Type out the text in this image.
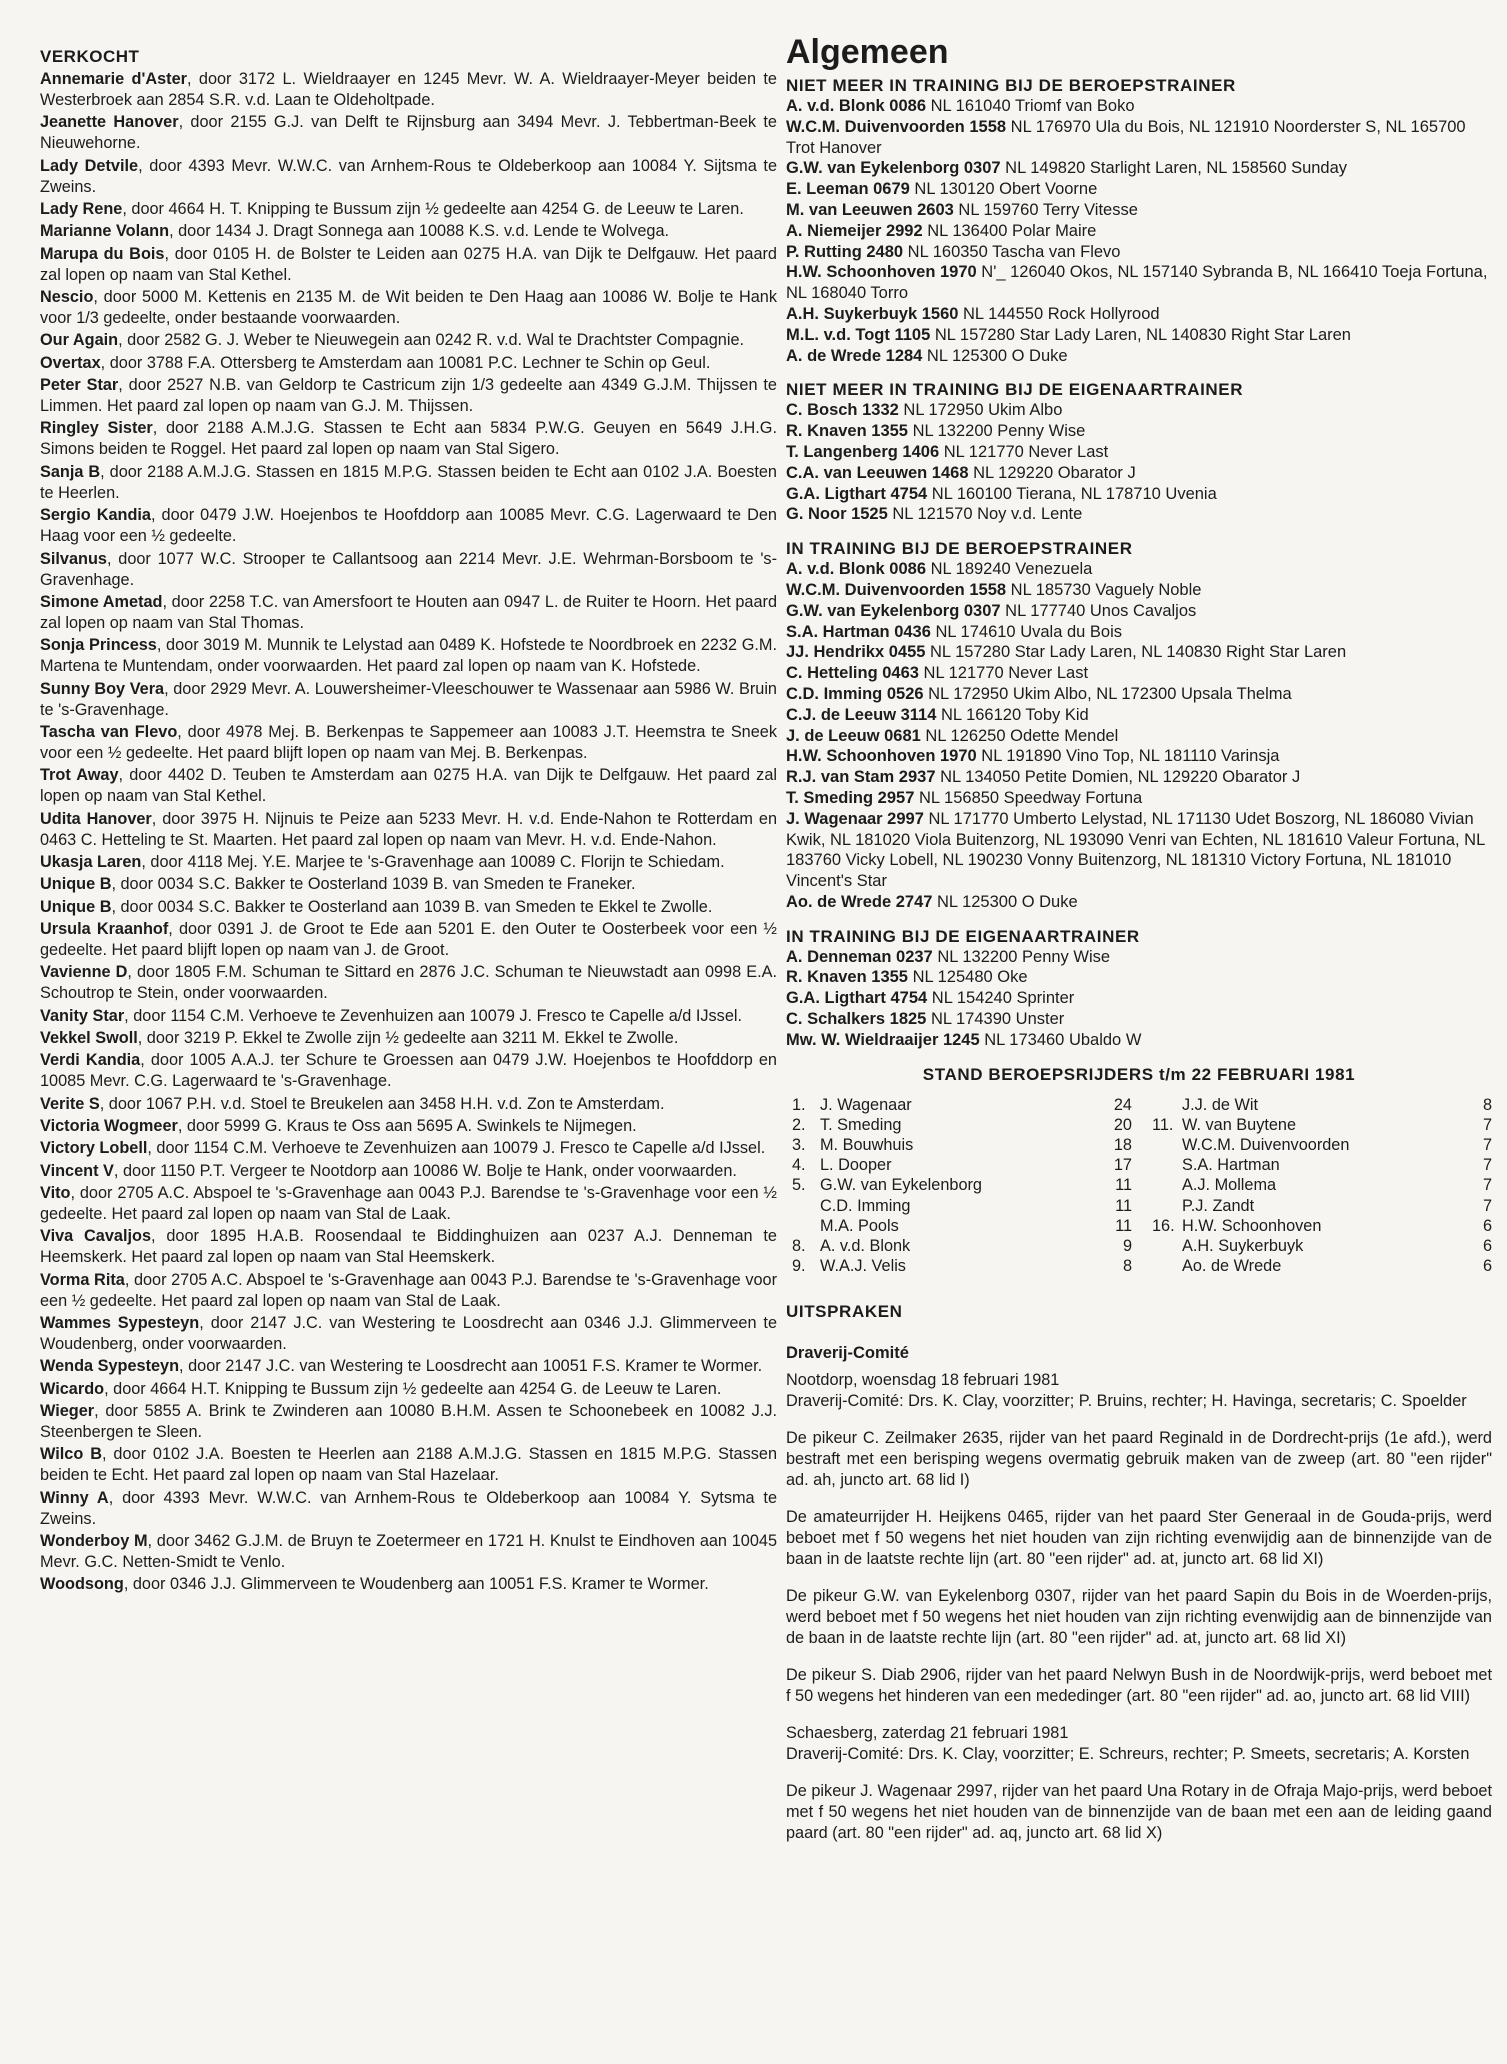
VERKOCHT
Annemarie d'Aster, door 3172 L. Wieldraayer en 1245 Mevr. W. A. Wieldraayer-Meyer beiden te Westerbroek aan 2854 S.R. v.d. Laan te Oldeholtpade.
Jeanette Hanover, door 2155 G.J. van Delft te Rijnsburg aan 3494 Mevr. J. Tebbertman-Beek te Nieuwehorne.
Lady Detvile, door 4393 Mevr. W.W.C. van Arnhem-Rous te Oldeberkoop aan 10084 Y. Sijtsma te Zweins.
Lady Rene, door 4664 H. T. Knipping te Bussum zijn ½ gedeelte aan 4254 G. de Leeuw te Laren.
Marianne Volann, door 1434 J. Dragt Sonnega aan 10088 K.S. v.d. Lende te Wolvega.
Marupa du Bois, door 0105 H. de Bolster te Leiden aan 0275 H.A. van Dijk te Delfgauw. Het paard zal lopen op naam van Stal Kethel.
Nescio, door 5000 M. Kettenis en 2135 M. de Wit beiden te Den Haag aan 10086 W. Bolje te Hank voor 1/3 gedeelte, onder bestaande voorwaarden.
Our Again, door 2582 G. J. Weber te Nieuwegein aan 0242 R. v.d. Wal te Drachtster Compagnie.
Overtax, door 3788 F.A. Ottersberg te Amsterdam aan 10081 P.C. Lechner te Schin op Geul.
Peter Star, door 2527 N.B. van Geldorp te Castricum zijn 1/3 gedeelte aan 4349 G.J.M. Thijssen te Limmen. Het paard zal lopen op naam van G.J. M. Thijssen.
Ringley Sister, door 2188 A.M.J.G. Stassen te Echt aan 5834 P.W.G. Geuyen en 5649 J.H.G. Simons beiden te Roggel. Het paard zal lopen op naam van Stal Sigero.
Sanja B, door 2188 A.M.J.G. Stassen en 1815 M.P.G. Stassen beiden te Echt aan 0102 J.A. Boesten te Heerlen.
Sergio Kandia, door 0479 J.W. Hoejenbos te Hoofddorp aan 10085 Mevr. C.G. Lagerwaard te Den Haag voor een ½ gedeelte.
Silvanus, door 1077 W.C. Strooper te Callantsoog aan 2214 Mevr. J.E. Wehrman-Borsboom te 's-Gravenhage.
Simone Ametad, door 2258 T.C. van Amersfoort te Houten aan 0947 L. de Ruiter te Hoorn. Het paard zal lopen op naam van Stal Thomas.
Sonja Princess, door 3019 M. Munnik te Lelystad aan 0489 K. Hofstede te Noordbroek en 2232 G.M. Martena te Muntendam, onder voorwaarden. Het paard zal lopen op naam van K. Hofstede.
Sunny Boy Vera, door 2929 Mevr. A. Louwersheimer-Vleeschouwer te Wassenaar aan 5986 W. Bruin te 's-Gravenhage.
Tascha van Flevo, door 4978 Mej. B. Berkenpas te Sappemeer aan 10083 J.T. Heemstra te Sneek voor een ½ gedeelte. Het paard blijft lopen op naam van Mej. B. Berkenpas.
Trot Away, door 4402 D. Teuben te Amsterdam aan 0275 H.A. van Dijk te Delfgauw. Het paard zal lopen op naam van Stal Kethel.
Udita Hanover, door 3975 H. Nijnuis te Peize aan 5233 Mevr. H. v.d. Ende-Nahon te Rotterdam en 0463 C. Hetteling te St. Maarten. Het paard zal lopen op naam van Mevr. H. v.d. Ende-Nahon.
Ukasja Laren, door 4118 Mej. Y.E. Marjee te 's-Gravenhage aan 10089 C. Florijn te Schiedam.
Unique B, door 0034 S.C. Bakker te Oosterland 1039 B. van Smeden te Franeker.
Unique B, door 0034 S.C. Bakker te Oosterland aan 1039 B. van Smeden te Ekkel te Zwolle.
Ursula Kraanhof, door 0391 J. de Groot te Ede aan 5201 E. den Outer te Oosterbeek voor een ½ gedeelte. Het paard blijft lopen op naam van J. de Groot.
Vavienne D, door 1805 F.M. Schuman te Sittard en 2876 J.C. Schuman te Nieuwstadt aan 0998 E.A. Schoutrop te Stein, onder voorwaarden.
Vanity Star, door 1154 C.M. Verhoeve te Zevenhuizen aan 10079 J. Fresco te Capelle a/d IJssel.
Vekkel Swoll, door 3219 P. Ekkel te Zwolle zijn ½ gedeelte aan 3211 M. Ekkel te Zwolle.
Verdi Kandia, door 1005 A.A.J. ter Schure te Groessen aan 0479 J.W. Hoejenbos te Hoofddorp en 10085 Mevr. C.G. Lagerwaard te 's-Gravenhage.
Verite S, door 1067 P.H. v.d. Stoel te Breukelen aan 3458 H.H. v.d. Zon te Amsterdam.
Victoria Wogmeer, door 5999 G. Kraus te Oss aan 5695 A. Swinkels te Nijmegen.
Victory Lobell, door 1154 C.M. Verhoeve te Zevenhuizen aan 10079 J. Fresco te Capelle a/d IJssel.
Vincent V, door 1150 P.T. Vergeer te Nootdorp aan 10086 W. Bolje te Hank, onder voorwaarden.
Vito, door 2705 A.C. Abspoel te 's-Gravenhage aan 0043 P.J. Barendse te 's-Gravenhage voor een ½ gedeelte. Het paard zal lopen op naam van Stal de Laak.
Viva Cavaljos, door 1895 H.A.B. Roosendaal te Biddinghuizen aan 0237 A.J. Denneman te Heemskerk. Het paard zal lopen op naam van Stal Heemskerk.
Vorma Rita, door 2705 A.C. Abspoel te 's-Gravenhage aan 0043 P.J. Barendse te 's-Gravenhage voor een ½ gedeelte. Het paard zal lopen op naam van Stal de Laak.
Wammes Sypesteyn, door 2147 J.C. van Westering te Loosdrecht aan 0346 J.J. Glimmerveen te Woudenberg, onder voorwaarden.
Wenda Sypesteyn, door 2147 J.C. van Westering te Loosdrecht aan 10051 F.S. Kramer te Wormer.
Wicardo, door 4664 H.T. Knipping te Bussum zijn ½ gedeelte aan 4254 G. de Leeuw te Laren.
Wieger, door 5855 A. Brink te Zwinderen aan 10080 B.H.M. Assen te Schoonebeek en 10082 J.J. Steenbergen te Sleen.
Wilco B, door 0102 J.A. Boesten te Heerlen aan 2188 A.M.J.G. Stassen en 1815 M.P.G. Stassen beiden te Echt. Het paard zal lopen op naam van Stal Hazelaar.
Winny A, door 4393 Mevr. W.W.C. van Arnhem-Rous te Oldeberkoop aan 10084 Y. Sytsma te Zweins.
Wonderboy M, door 3462 G.J.M. de Bruyn te Zoetermeer en 1721 H. Knulst te Eindhoven aan 10045 Mevr. G.C. Netten-Smidt te Venlo.
Woodsong, door 0346 J.J. Glimmerveen te Woudenberg aan 10051 F.S. Kramer te Wormer.
Algemeen
NIET MEER IN TRAINING BIJ DE BEROEPSTRAINER
A. v.d. Blonk 0086 NL 161040 Triomf van Boko
W.C.M. Duivenvoorden 1558 NL 176970 Ula du Bois, NL 121910 Noorderster S, NL 165700 Trot Hanover
G.W. van Eykelenborg 0307 NL 149820 Starlight Laren, NL 158560 Sunday
E. Leeman 0679 NL 130120 Obert Voorne
M. van Leeuwen 2603 NL 159760 Terry Vitesse
A. Niemeijer 2992 NL 136400 Polar Maire
P. Rutting 2480 NL 160350 Tascha van Flevo
H.W. Schoonhoven 1970 N'_ 126040 Okos, NL 157140 Sybranda B, NL 166410 Toeja Fortuna, NL 168040 Torro
A.H. Suykerbuyk 1560 NL 144550 Rock Hollyrood
M.L. v.d. Togt 1105 NL 157280 Star Lady Laren, NL 140830 Right Star Laren
A. de Wrede 1284 NL 125300 O Duke
NIET MEER IN TRAINING BIJ DE EIGENAARTRAINER
C. Bosch 1332 NL 172950 Ukim Albo
R. Knaven 1355 NL 132200 Penny Wise
T. Langenberg 1406 NL 121770 Never Last
C.A. van Leeuwen 1468 NL 129220 Obarator J
G.A. Ligthart 4754 NL 160100 Tierana, NL 178710 Uvenia
G. Noor 1525 NL 121570 Noy v.d. Lente
IN TRAINING BIJ DE BEROEPSTRAINER
A. v.d. Blonk 0086 NL 189240 Venezuela
W.C.M. Duivenvoorden 1558 NL 185730 Vaguely Noble
G.W. van Eykelenborg 0307 NL 177740 Unos Cavaljos
S.A. Hartman 0436 NL 174610 Uvala du Bois
JJ. Hendrikx 0455 NL 157280 Star Lady Laren, NL 140830 Right Star Laren
C. Hetteling 0463 NL 121770 Never Last
C.D. Imming 0526 NL 172950 Ukim Albo, NL 172300 Upsala Thelma
C.J. de Leeuw 3114 NL 166120 Toby Kid
J. de Leeuw 0681 NL 126250 Odette Mendel
H.W. Schoonhoven 1970 NL 191890 Vino Top, NL 181110 Varinsja
R.J. van Stam 2937 NL 134050 Petite Domien, NL 129220 Obarator J
T. Smeding 2957 NL 156850 Speedway Fortuna
J. Wagenaar 2997 NL 171770 Umberto Lelystad, NL 171130 Udet Boszorg, NL 186080 Vivian Kwik, NL 181020 Viola Buitenzorg, NL 193090 Venri van Echten, NL 181610 Valeur Fortuna, NL 183760 Vicky Lobell, NL 190230 Vonny Buitenzorg, NL 181310 Victory Fortuna, NL 181010 Vincent's Star
Ao. de Wrede 2747 NL 125300 O Duke
IN TRAINING BIJ DE EIGENAARTRAINER
A. Denneman 0237 NL 132200 Penny Wise
R. Knaven 1355 NL 125480 Oke
G.A. Ligthart 4754 NL 154240 Sprinter
C. Schalkers 1825 NL 174390 Unster
Mw. W. Wieldraaijer 1245 NL 173460 Ubaldo W
STAND BEROEPSRIJDERS t/m 22 FEBRUARI 1981
1. J. Wagenaar	24
2. T. Smeding	20
3. M. Bouwhuis	18
4. L. Dooper	17
5. G.W. van Eykelenborg	11
C.D. Imming	11
M.A. Pools	11
8. A. v.d. Blonk	9
9. W.A.J. Velis	8
J.J. de Wit	8
11. W. van Buytene	7
W.C.M. Duivenvoorden	7
S.A. Hartman	7
A.J. Mollema	7
P.J. Zandt	7
16. H.W. Schoonhoven	6
A.H. Suykerbuyk	6
Ao. de Wrede	6
UITSPRAKEN
Draverij-Comité
Nootdorp, woensdag 18 februari 1981
Draverij-Comité: Drs. K. Clay, voorzitter; P. Bruins, rechter; H. Havinga, secretaris; C. Spoelder
De pikeur C. Zeilmaker 2635, rijder van het paard Reginald in de Dordrecht-prijs (1e afd.), werd bestraft met een berisping wegens overmatig gebruik maken van de zweep (art. 80 "een rijder" ad. ah, juncto art. 68 lid I)
De amateurrijder H. Heijkens 0465, rijder van het paard Ster Generaal in de Gouda-prijs, werd beboet met f 50 wegens het niet houden van zijn richting evenwijdig aan de binnenzijde van de baan in de laatste rechte lijn (art. 80 "een rijder" ad. at, juncto art. 68 lid XI)
De pikeur G.W. van Eykelenborg 0307, rijder van het paard Sapin du Bois in de Woerden-prijs, werd beboet met f 50 wegens het niet houden van zijn richting evenwijdig aan de binnenzijde van de baan in de laatste rechte lijn (art. 80 "een rijder" ad. at, juncto art. 68 lid XI)
De pikeur S. Diab 2906, rijder van het paard Nelwyn Bush in de Noordwijk-prijs, werd beboet met f 50 wegens het hinderen van een mededinger (art. 80 "een rijder" ad. ao, juncto art. 68 lid VIII)
Schaesberg, zaterdag 21 februari 1981
Draverij-Comité: Drs. K. Clay, voorzitter; E. Schreurs, rechter; P. Smeets, secretaris; A. Korsten
De pikeur J. Wagenaar 2997, rijder van het paard Una Rotary in de Ofraja Majo-prijs, werd beboet met f 50 wegens het niet houden van de binnenzijde van de baan met een aan de leiding gaand paard (art. 80 "een rijder" ad. aq, juncto art. 68 lid X)
